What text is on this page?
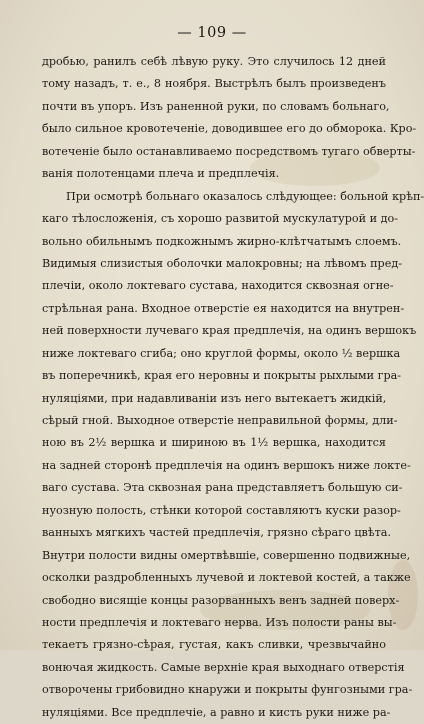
— 109 —
дробью, ранилъ себѣ лѣвую руку. Это случилось 12 дней
тому назадъ, т. е., 8 ноября. Выстрѣлъ былъ произведенъ
почти въ упоръ. Изъ раненной руки, по словамъ больнаго,
было сильное кровотеченіе, доводившее его до обморока. Кро-
вотеченіе было останавливаемо посредствомъ тугаго обверты-
ванія полотенцами плеча и предплечія.
При осмотрѣ больнаго оказалось слѣдующее: больной крѣп-
каго тѣлосложенія, съ хорошо развитой мускулатурой и до-
вольно обильнымъ подкожнымъ жирно-клѣтчатымъ слоемъ.
Видимыя слизистыя оболочки малокровны; на лѣвомъ пред-
плечіи, около локтеваго сустава, находится сквозная огне-
стрѣльная рана. Входное отверстіе ея находится на внутрен-
ней поверхности лучеваго края предплечія, на одинъ вершокъ
ниже локтеваго сгиба; оно круглой формы, около ½ вершка
въ поперечникѣ, края его неровны и покрыты рыхлыми гра-
нуляціями, при надавливаніи изъ него вытекаетъ жидкій,
сѣрый гной. Выходное отверстіе неправильной формы, дли-
ною въ 2½ вершка и шириною въ 1½ вершка, находится
на задней сторонѣ предплечія на одинъ вершокъ ниже локте-
ваго сустава. Эта сквозная рана представляетъ большую си-
нуозную полость, стѣнки которой составляютъ куски разор-
ванныхъ мягкихъ частей предплечія, грязно сѣраго цвѣта.
Внутри полости видны омертвѣвшіе, совершенно подвижные,
осколки раздробленныхъ лучевой и локтевой костей, а также
свободно висящіе концы разорванныхъ венъ задней поверх-
ности предплечія и локтеваго нерва. Изъ полости раны вы-
текаетъ грязно-сѣрая, густая, какъ сливки, чрезвычайно
вонючая жидкость. Самые верхніе края выходнаго отверстія
отворочены грибовидно кнаружи и покрыты фунгозными гра-
нуляціями. Все предплечіе, а равно и кисть руки ниже ра-
